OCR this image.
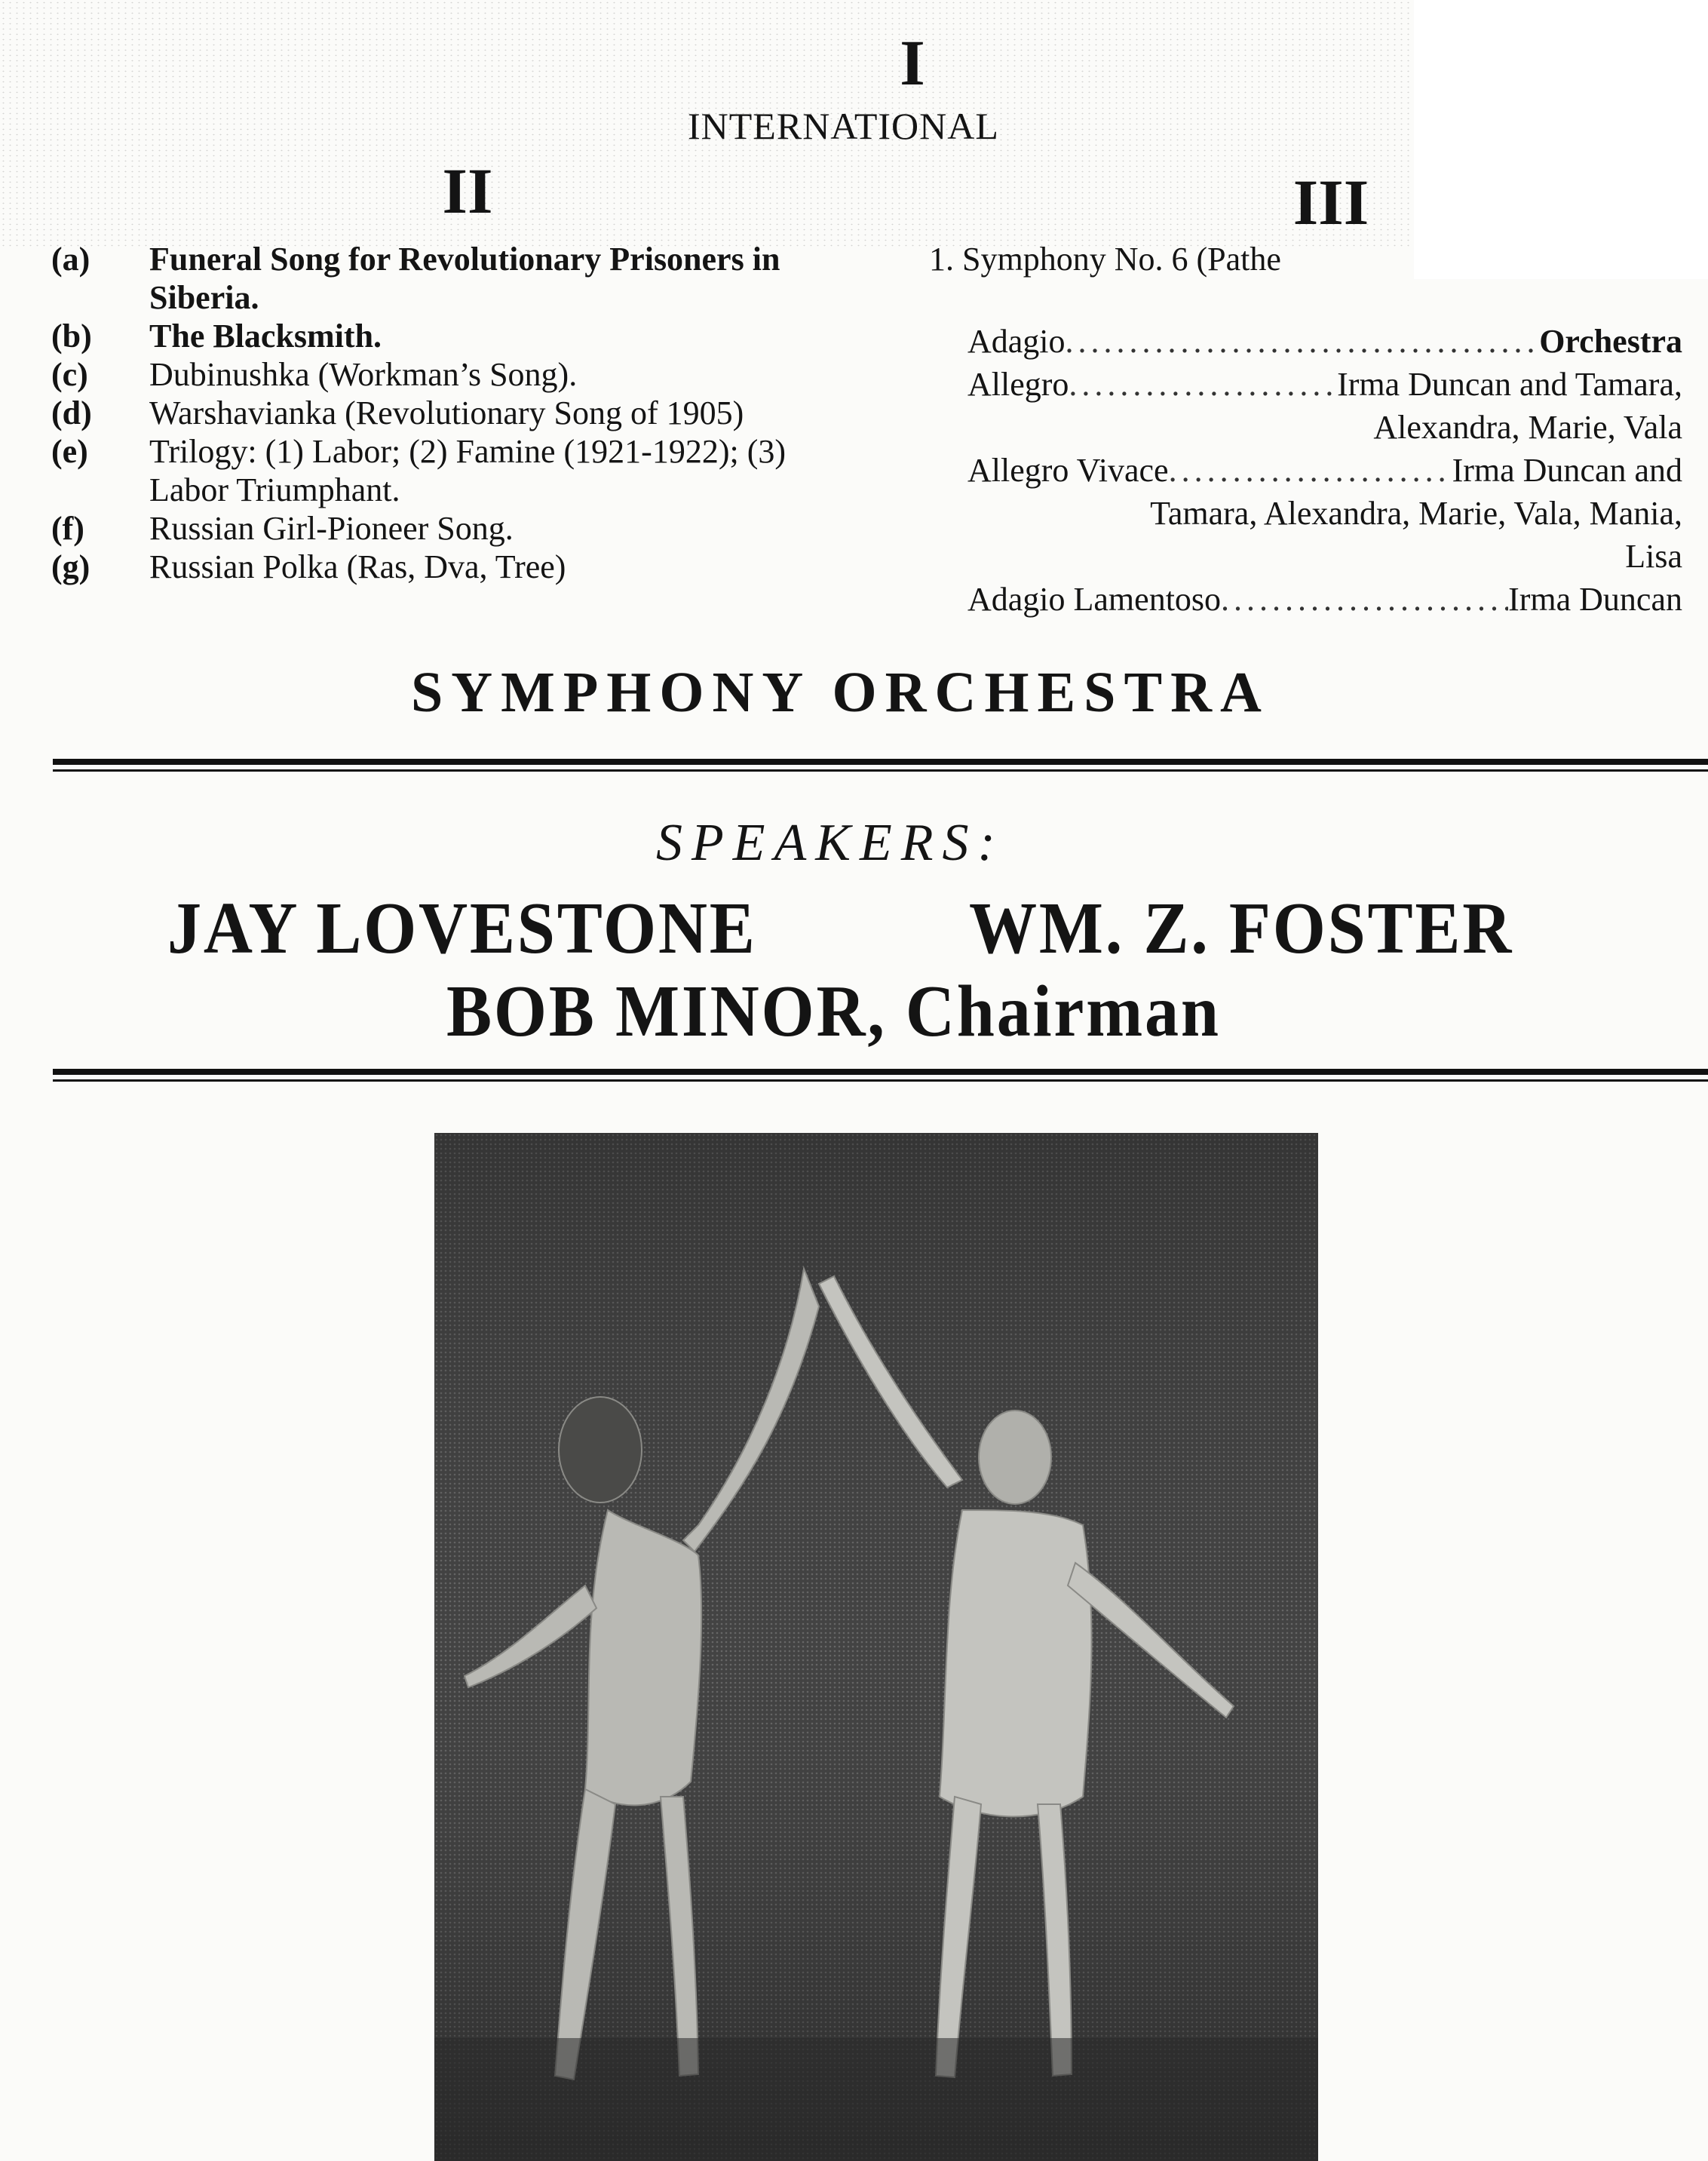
I
INTERNATIONAL
II	III
(a)	Funeral Song for Revolutionary Prisoners in Siberia.
(b)	The Blacksmith.
(c)	Dubinushka (Workman’s Song).
(d)	Warshavianka (Revolutionary Song of 1905)
(e)	Trilogy: (1) Labor; (2) Famine (1921-1922); (3) Labor Triumphant.
(f)	Russian Girl-Pioneer Song.
(g)	Russian Polka (Ras, Dva, Tree)
1. Symphony No. 6 (Pathe
Adagio .....	Orchestra
Allegro .....	Irma Duncan and Tamara,
Alexandra, Marie, Vala
Allegro Vivace .....	Irma Duncan and
Tamara, Alexandra, Marie, Vala, Mania, Lisa
Adagio Lamentoso .....	Irma Duncan
SYMPHONY ORCHESTRA
SPEAKERS:
JAY LOVESTONE	WM. Z. FOSTER
BOB MINOR, Chairman
